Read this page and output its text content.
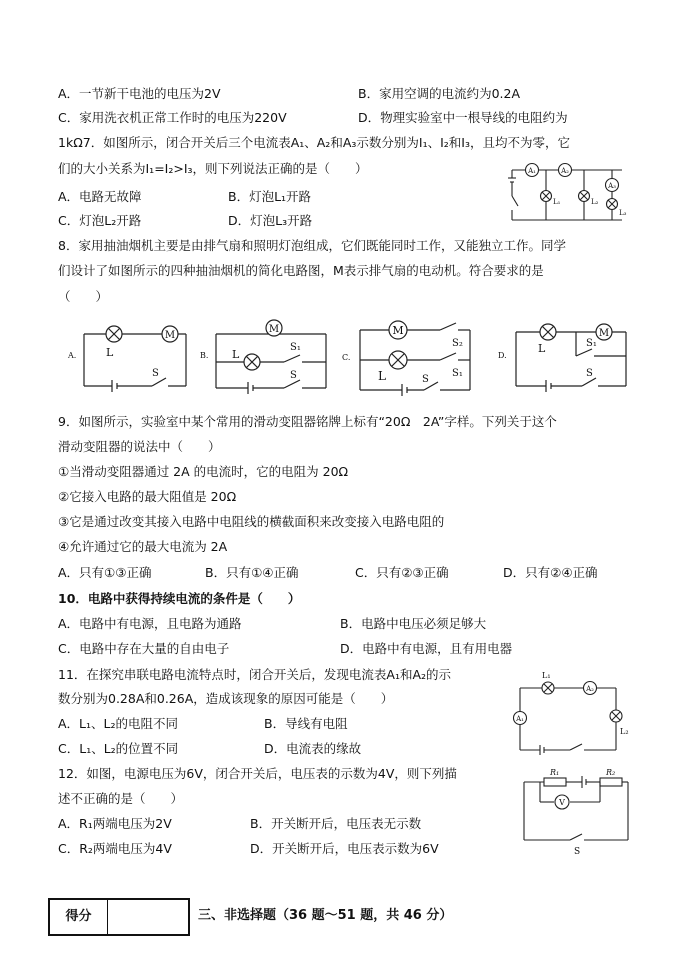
A．一节新干电池的电压为2V	B．家用空调的电流约为0.2A
C．家用洗衣机正常工作时的电压为220V	D．物理实验室中一根导线的电阻约为
1kΩ7．如图所示，闭合开关后三个电流表A₁、A₂和A₃示数分别为I₁、I₂和I₃，且均不为零，它
们的大小关系为I₁=I₂>I₃，则下列说法正确的是（　　）
A．电路无故障	B．灯泡L₁开路
C．灯泡L₂开路	D．灯泡L₃开路
A₁	A₂
A₃
L₁	L₂
L₃
8．家用抽油烟机主要是由排气扇和照明灯泡组成，它们既能同时工作，又能独立工作。同学
们设计了如图所示的四种抽油烟机的简化电路图，M表示排气扇的电动机。符合要求的是
（　　）
A.
M
L
S
B.
M
L
S₁
S
C.
M
L
S₂
S₁
S
D.
M
L	S₁
S
9．如图所示，实验室中某个常用的滑动变阻器铭牌上标有“20Ω　2A”字样。下列关于这个
滑动变阻器的说法中（　　）
①当滑动变阻器通过 2A 的电流时，它的电阻为 20Ω
②它接入电路的最大阻值是 20Ω
③它是通过改变其接入电路中电阻线的横截面积来改变接入电路电阻的
④允许通过它的最大电流为 2A
A．只有①③正确	B．只有①④正确	C．只有②③正确	D．只有②④正确
10．电路中获得持续电流的条件是（　　）
A．电路中有电源，且电路为通路	B．电路中电压必须足够大
C．电路中存在大量的自由电子	D．电路中有电源，且有用电器
11．在探究串联电路电流特点时，闭合开关后，发现电流表A₁和A₂的示
数分别为0.28A和0.26A，造成该现象的原因可能是（　　）
A．L₁、L₂的电阻不同	B．导线有电阻
C．L₁、L₂的位置不同	D．电流表的缘故
L₁
A₂
A₁
L₂
12．如图，电源电压为6V，闭合开关后，电压表的示数为4V，则下列描
述不正确的是（　　）
A．R₁两端电压为2V	B．开关断开后，电压表无示数
C．R₂两端电压为4V	D．开关断开后，电压表示数为6V
R₁	R₂
V
S
得分	三、非选择题（36 题～51 题，共 46 分）
